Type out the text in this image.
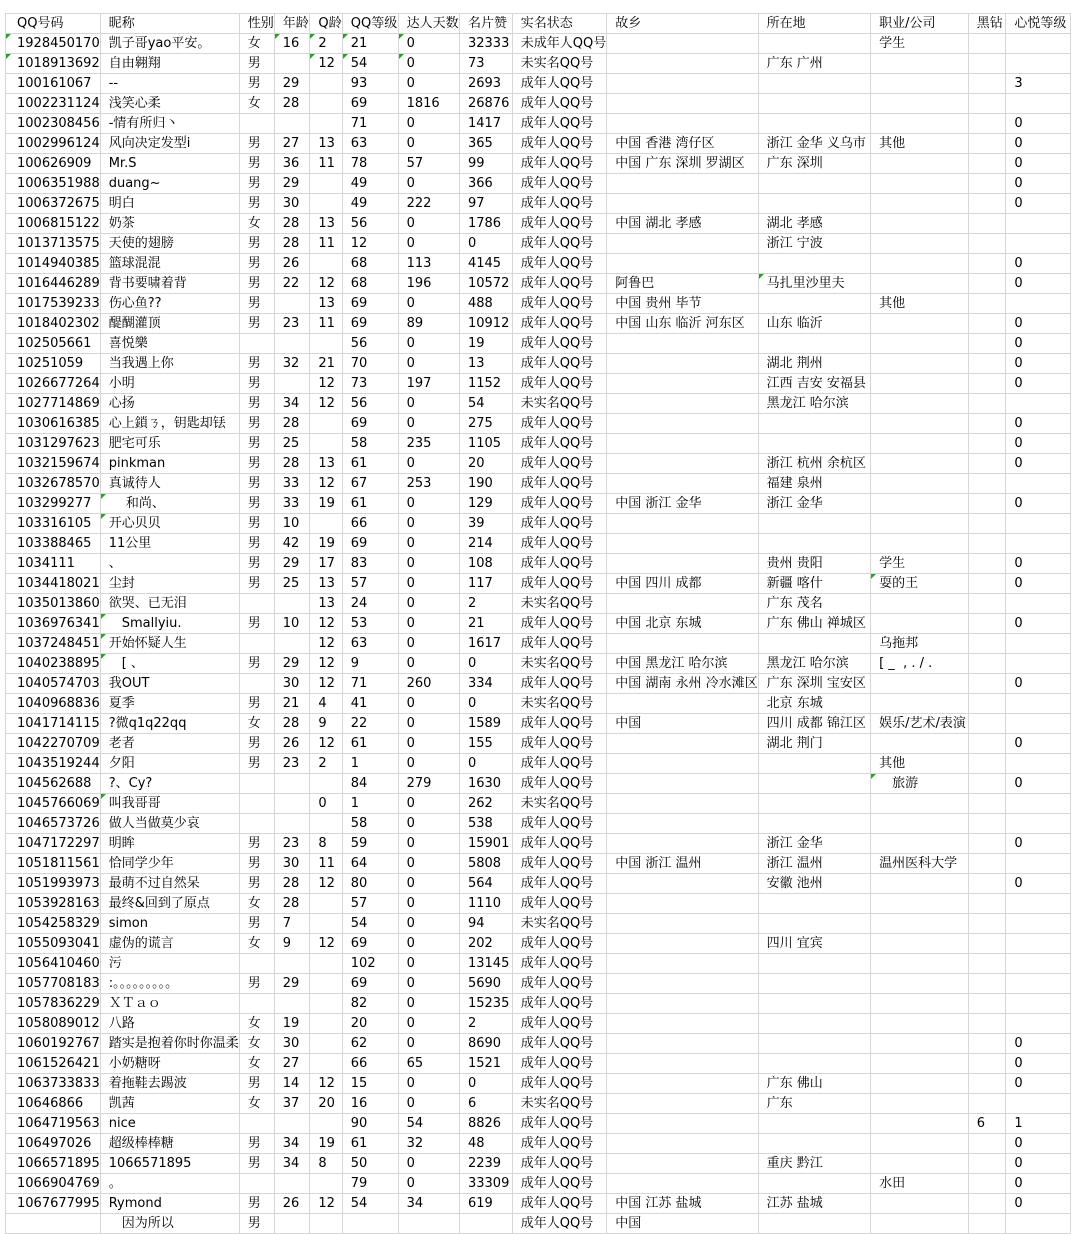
QQ号码	昵称	性别	年龄	Q龄	QQ等级	达人天数	名片赞	实名状态	故乡	所在地	职业/公司	黑钻	心悦等级

1928450170	凯子哥yao平安。	女	16	2	21	0	32333	未成年人QQ号			学生		

1018913692	自由翱翔	男		12	54	0	73	未实名QQ号		广东 广州			
100161067	--	男	29		93	0	2693	成年人QQ号					3
1002231124	浅笑心柔	女	28		69	1816	26876	成年人QQ号					
1002308456	-情有所归丶				71	0	1417	成年人QQ号					0
1002996124	风向决定发型i	男	27	13	63	0	365	成年人QQ号	中国 香港 湾仔区	浙江 金华 义乌市	其他		0
100626909	Mr.S	男	36	11	78	57	99	成年人QQ号	中国 广东 深圳 罗湖区	广东 深圳			0
1006351988	duang~	男	29		49	0	366	成年人QQ号					0
1006372675	明白	男	30		49	222	97	成年人QQ号					0
1006815122	奶茶	女	28	13	56	0	1786	成年人QQ号	中国 湖北 孝感	湖北 孝感			
1013713575	天使的翅膀	男	28	11	12	0	0	成年人QQ号		浙江 宁波			
1014940385	篮球混混	男	26		68	113	4145	成年人QQ号					0
1016446289	背书要啸着背	男	22	12	68	196	10572	成年人QQ号	阿鲁巴	马扎里沙里夫			0
1017539233	伤心鱼??	男		13	69	0	488	成年人QQ号	中国 贵州 毕节		其他		
1018402302	醍醐灌顶	男	23	11	69	89	10912	成年人QQ号	中国 山东 临沂 河东区	山东 临沂			0
102505661	喜悦樂				56	0	19	成年人QQ号					0
10251059	当我遇上你	男	32	21	70	0	13	成年人QQ号		湖北 荆州			0
1026677264	小明	男		12	73	197	1152	成年人QQ号		江西 吉安 安福县			0
1027714869	心扬	男	34	12	56	0	54	未实名QQ号		黑龙江 哈尔滨			
1030616385	心上鎖ㄋ，钥匙却铥	男	28		69	0	275	成年人QQ号					0
1031297623	肥宅可乐	男	25		58	235	1105	成年人QQ号					0
1032159674	pinkman	男	28	13	61	0	20	成年人QQ号		浙江 杭州 余杭区			0
1032678570	真诚待人	男	33	12	67	253	190	成年人QQ号		福建 泉州			
103299277	　 和尚、	男	33	19	61	0	129	成年人QQ号	中国 浙江 金华	浙江 金华			0
103316105	开心贝贝	男	10		66	0	39	成年人QQ号					
103388465	11公里	男	42	19	69	0	214	成年人QQ号					
1034111	、	男	29	17	83	0	108	成年人QQ号		贵州 贵阳	学生		0
1034418021	尘封	男	25	13	57	0	117	成年人QQ号	中国 四川 成都	新疆 喀什	耍的王		0
1035013860	欲哭、已无泪			13	24	0	2	未实名QQ号		广东 茂名			
1036976341	　Smallyiu.	男	10	12	53	0	21	成年人QQ号	中国 北京 东城	广东 佛山 禅城区			0
1037248451	开始怀疑人生			12	63	0	1617	成年人QQ号			乌拖邦		
1040238895	　[ 、	男	29	12	9	0	0	未实名QQ号	中国 黑龙江 哈尔滨	黑龙江 哈尔滨	[ _  , . / .		
1040574703	我OUT		30	12	71	260	334	成年人QQ号	中国 湖南 永州 冷水滩区	广东 深圳 宝安区			0
1040968836	夏季	男	21	4	41	0	0	未实名QQ号		北京 东城			
1041714115	?微q1q22qq	女	28	9	22	0	1589	成年人QQ号	中国	四川 成都 锦江区	娱乐/艺术/表演		
1042270709	老者	男	26	12	61	0	155	成年人QQ号		湖北 荆门			0
1043519244	夕阳	男	23	2	1	0	0	成年人QQ号			其他		
104562688	?、Cy?				84	279	1630	成年人QQ号			　旅游		0
1045766069	叫我哥哥			0	1	0	262	未实名QQ号					
1046573726	做人当做莫少哀				58	0	538	成年人QQ号					
1047172297	明眸	男	23	8	59	0	15901	成年人QQ号		浙江 金华			0
1051811561	恰同学少年	男	30	11	64	0	5808	成年人QQ号	中国 浙江 温州	浙江 温州	温州医科大学		
1051993973	最萌不过自然呆	男	28	12	80	0	564	成年人QQ号		安徽 池州			0
1053928163	最终&回到了原点	女	28		57	0	1110	成年人QQ号					
1054258329	simon	男	7		54	0	94	未实名QQ号					
1055093041	虚伪的谎言	女	9	12	69	0	202	成年人QQ号		四川 宜宾			
1056410460	污				102	0	13145	成年人QQ号					
1057708183	:。。。。。。。。。	男	29		69	0	5690	成年人QQ号					
1057836229	ＸＴａｏ				82	0	15235	成年人QQ号					
1058089012	八路	女	19		20	0	2	成年人QQ号					
1060192767	踏实是抱着你时你温柔	女	30		62	0	8690	成年人QQ号					0
1061526421	小奶糖呀	女	27		66	65	1521	成年人QQ号					0
1063733833	着拖鞋去踢波	男	14	12	15	0	0	成年人QQ号		广东 佛山			0
10646866	凯茜	女	37	20	16	0	6	未实名QQ号		广东			
1064719563	nice				90	54	8826	成年人QQ号				6	1
106497026	超级棒棒糖	男	34	19	61	32	48	成年人QQ号					0
1066571895	1066571895	男	34	8	50	0	2239	成年人QQ号		重庆 黔江			0
1066904769	。				79	0	33309	成年人QQ号			水田		0
1067677995	Rymond	男	26	12	54	34	619	成年人QQ号	中国 江苏 盐城	江苏 盐城			0
	　因为所以	男						成年人QQ号	中国				
